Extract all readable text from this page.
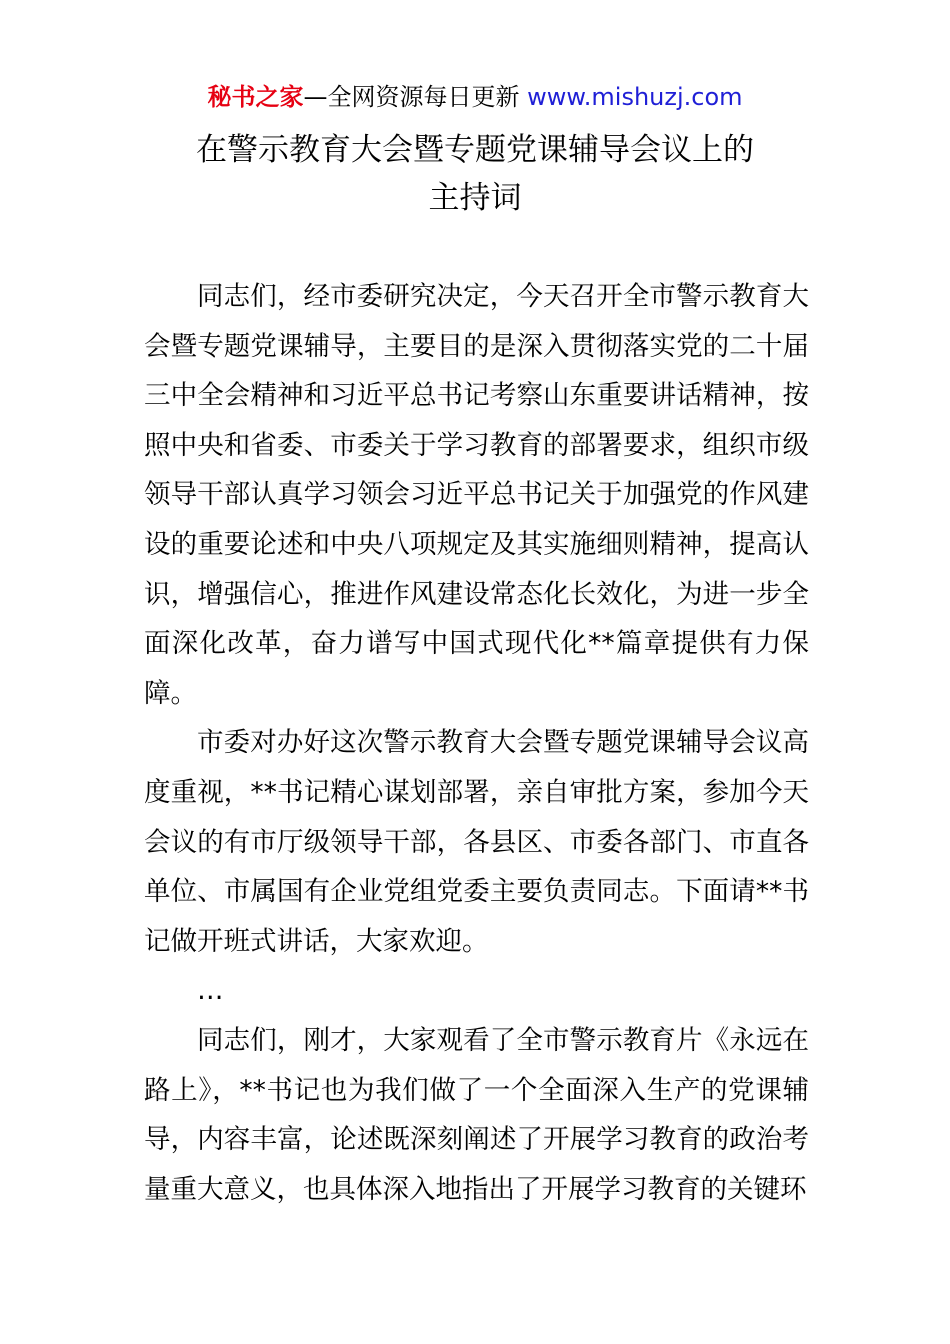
秘书之家—全网资源每日更新 www.mishuzj.com
在警示教育大会暨专题党课辅导会议上的
主持词

同志们，经市委研究决定，今天召开全市警示教育大会暨专题党课辅导，主要目的是深入贯彻落实党的二十届三中全会精神和习近平总书记考察山东重要讲话精神，按照中央和省委、市委关于学习教育的部署要求，组织市级领导干部认真学习领会习近平总书记关于加强党的作风建设的重要论述和中央八项规定及其实施细则精神，提高认识，增强信心，推进作风建设常态化长效化，为进一步全面深化改革，奋力谱写中国式现代化**篇章提供有力保障。

市委对办好这次警示教育大会暨专题党课辅导会议高度重视，**书记精心谋划部署，亲自审批方案，参加今天会议的有市厅级领导干部，各县区、市委各部门、市直各单位、市属国有企业党组党委主要负责同志。下面请**书记做开班式讲话，大家欢迎。

…

同志们，刚才，大家观看了全市警示教育片《永远在路上》，**书记也为我们做了一个全面深入生产的党课辅导，内容丰富，论述既深刻阐述了开展学习教育的政治考量重大意义，也具体深入地指出了开展学习教育的关键环
